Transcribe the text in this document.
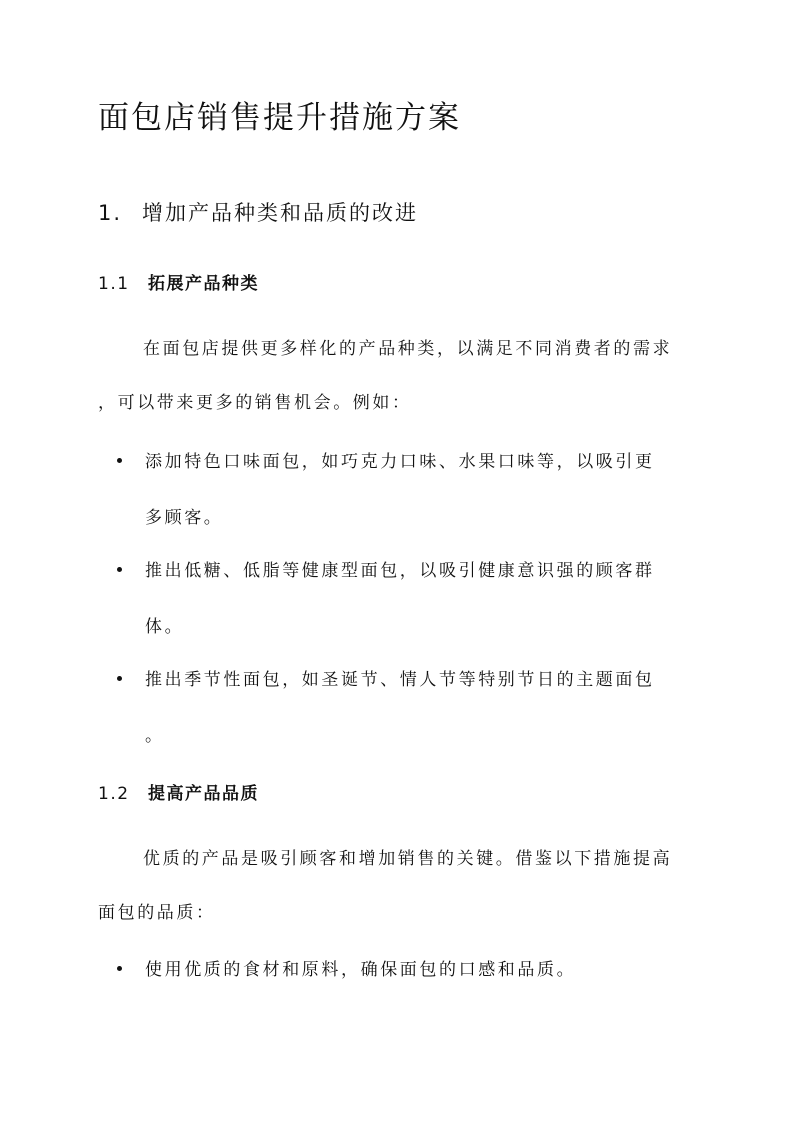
面包店销售提升措施方案
1. 增加产品种类和品质的改进
1.1 拓展产品种类

在面包店提供更多样化的产品种类，以满足不同消费者的需求
，可以带来更多的销售机会。例如：

添加特色口味面包，如巧克力口味、水果口味等，以吸引更
多顾客。
推出低糖、低脂等健康型面包，以吸引健康意识强的顾客群
体。
推出季节性面包，如圣诞节、情人节等特别节日的主题面包
。
1.2 提高产品品质

优质的产品是吸引顾客和增加销售的关键。借鉴以下措施提高
面包的品质：

使用优质的食材和原料，确保面包的口感和品质。
